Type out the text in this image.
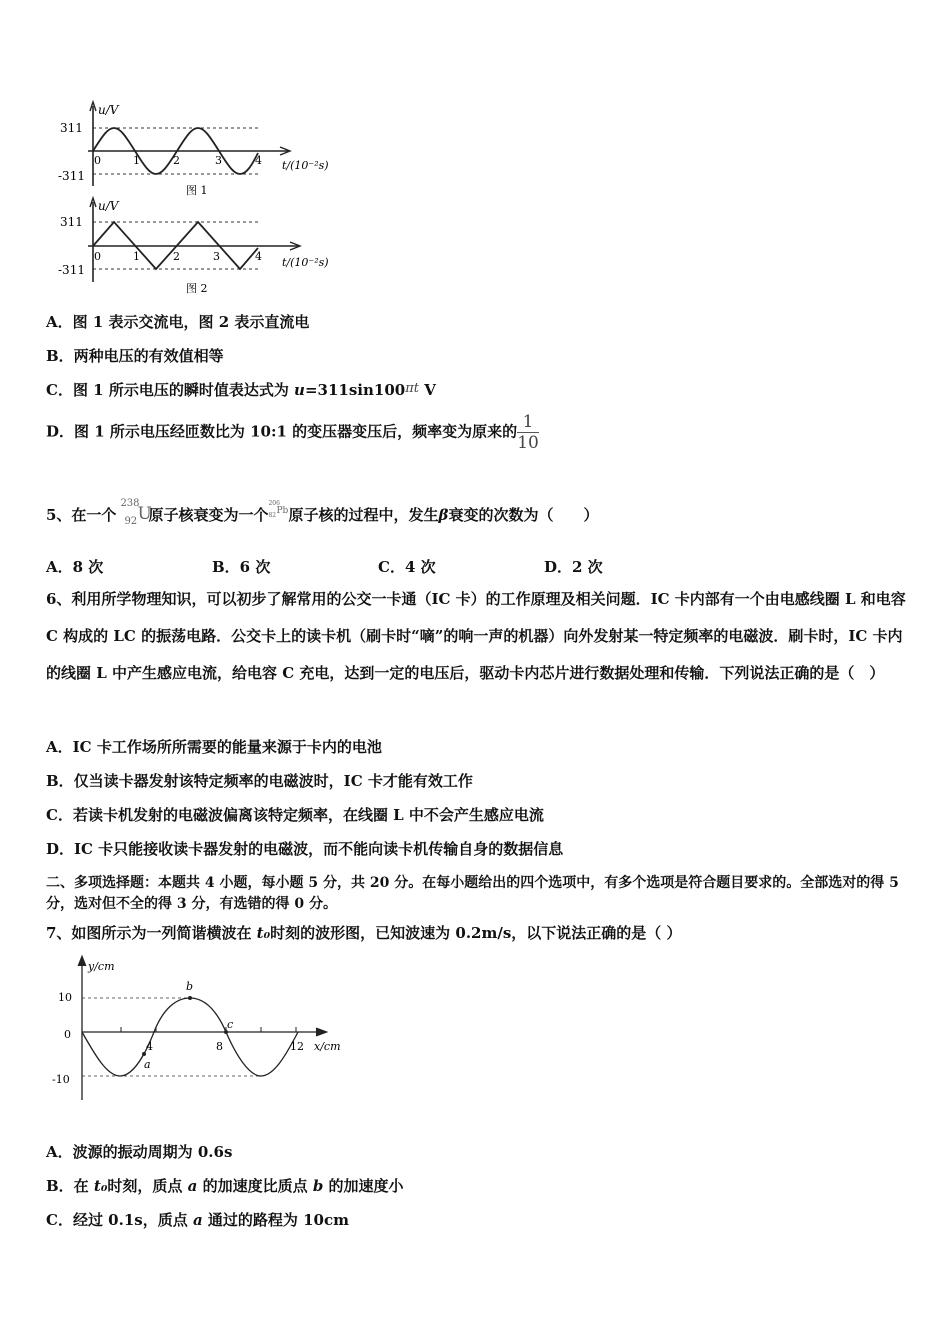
u/V
311
-311
0	1	2	3	4 t/(10⁻²s)
图 1
u/V
311
-311
0	1	2	3	4 t/(10⁻²s)
图 2
A．图 1 表示交流电，图 2 表示直流电
B．两种电压的有效值相等
C．图 1 所示电压的瞬时值表达式为 u=311sin100πt V
D．图 1 所示电压经匝数比为 10:1 的变压器变压后，频率变为原来的 $\frac{1}{10}$
5、在一个
238
92 U
原子核衰变为一个
206
82 Pb 原子核的过程中，发生β衰变的次数为（　　）
A．8 次	B．6 次	C．4 次	D．2 次
6、利用所学物理知识，可以初步了解常用的公交一卡通（IC 卡）的工作原理及相关问题．IC 卡内部有一个由电感线圈 L 和电容 C 构成的 LC 的振荡电路．公交卡上的读卡机（刷卡时“嘀”的响一声的机器）向外发射某一特定频率的电磁波．刷卡时，IC 卡内的线圈 L 中产生感应电流，给电容 C 充电，达到一定的电压后，驱动卡内芯片进行数据处理和传输．下列说法正确的是（　）
A．IC 卡工作场所所需要的能量来源于卡内的电池
B．仅当读卡器发射该特定频率的电磁波时，IC 卡才能有效工作
C．若读卡机发射的电磁波偏离该特定频率，在线圈 L 中不会产生感应电流
D．IC 卡只能接收读卡器发射的电磁波，而不能向读卡机传输自身的数据信息
二、多项选择题：本题共 4 小题，每小题 5 分，共 20 分。在每小题给出的四个选项中，有多个选项是符合题目要求的。全部选对的得 5 分，选对但不全的得 3 分，有选错的得 0 分。
7、如图所示为一列简谐横波在 t₀时刻的波形图，已知波速为 0.2m/s，以下说法正确的是（ ）
y/cm
10
0
-10
4	8	12 x/cm
a
b
c
A．波源的振动周期为 0.6s
B．在 t₀时刻，质点 a 的加速度比质点 b 的加速度小
C．经过 0.1s，质点 a 通过的路程为 10cm
